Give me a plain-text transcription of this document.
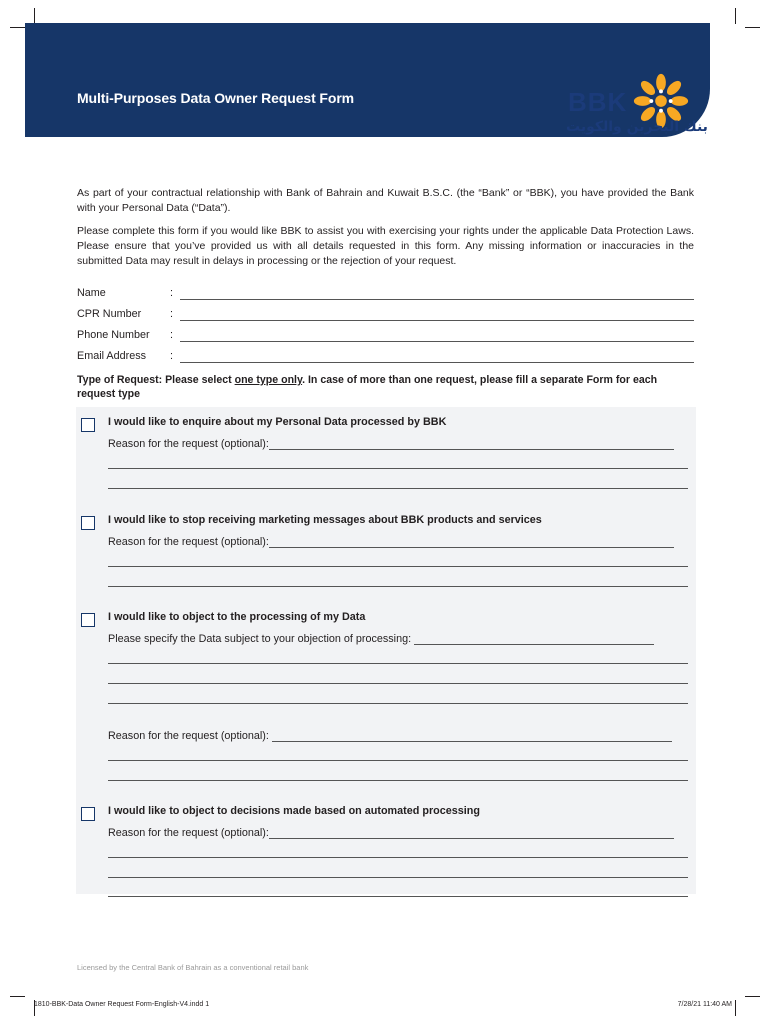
Multi-Purposes Data Owner Request Form	BBK
بنك البحرين والكويت

As part of your contractual relationship with Bank of Bahrain and Kuwait B.S.C. (the “Bank” or “BBK), you have provided the Bank with your Personal Data (“Data”).

Please complete this form if you would like BBK to assist you with exercising your rights under the applicable Data Protection Laws. Please ensure that you’ve provided us with all details requested in this form. Any missing information or inaccuracies in the submitted Data may result in delays in processing or the rejection of your request.

Name	:
CPR Number	:
Phone Number :
Email Address :
Type of Request: Please select one type only. In case of more than one request, please fill a separate Form for each request type
I would like to enquire about my Personal Data processed by BBK
Reason for the request (optional):
I would like to stop receiving marketing messages about BBK products and services
Reason for the request (optional):
I would like to object to the processing of my Data
Please specify the Data subject to your objection of processing:
Reason for the request (optional):
I would like to object to decisions made based on automated processing
Reason for the request (optional):
Licensed by the Central Bank of Bahrain as a conventional retail bank
1810-BBK-Data Owner Request Form-English-V4.indd 1	7/28/21 11:40 AM
